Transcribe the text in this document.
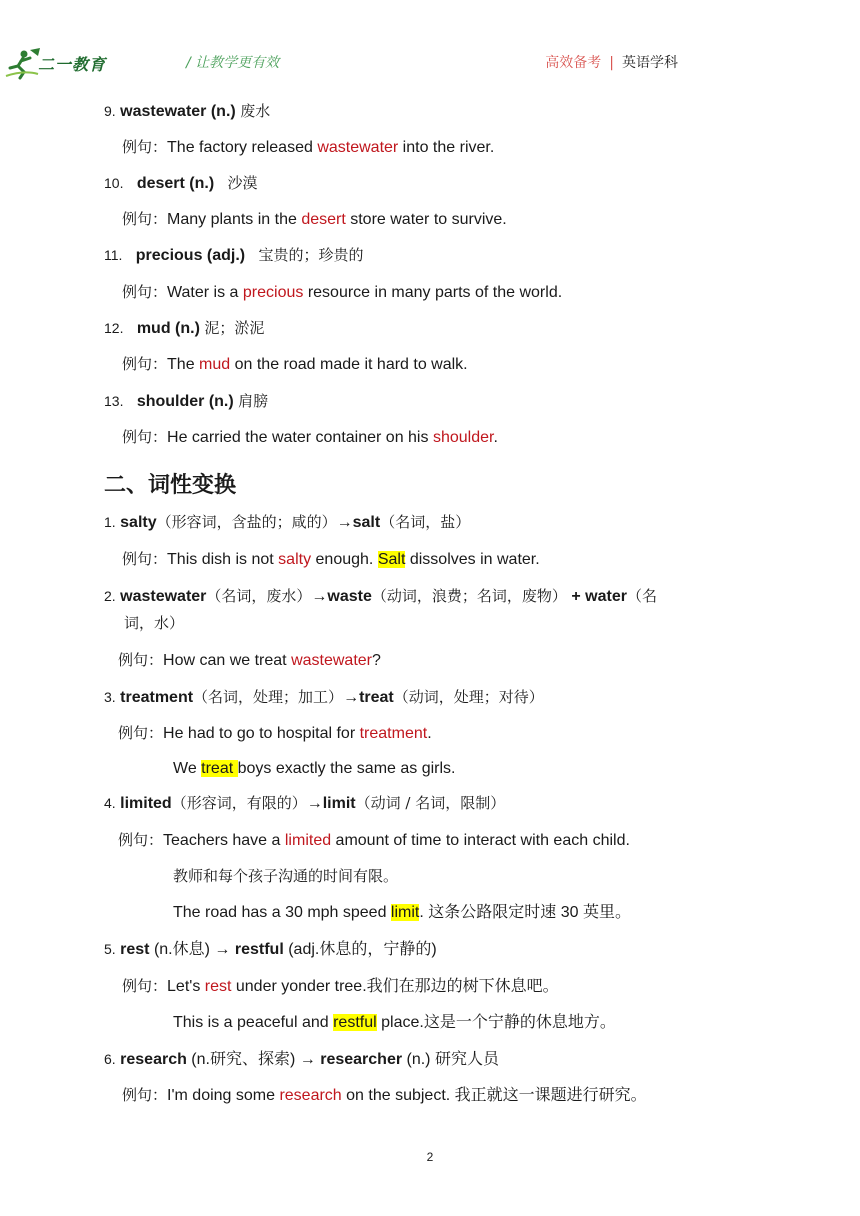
二一教育	/ 让教学更有效	高效备考 | 英语学科

9. wastewater (n.) 废水

例句：The factory released wastewater into the river.

10. desert (n.) 沙漠

例句：Many plants in the desert store water to survive.

11. precious (adj.) 宝贵的；珍贵的

例句：Water is a precious resource in many parts of the world.

12. mud (n.) 泥；淤泥

例句：The mud on the road made it hard to walk.

13. shoulder (n.) 肩膀

例句：He carried the water container on his shoulder.

二、词性变换

1. salty（形容词，含盐的；咸的）→salt（名词，盐）

例句：This dish is not salty enough. Salt dissolves in water.

2. wastewater（名词，废水）→waste（动词，浪费；名词，废物） + water（名

词，水）

例句：How can we treat wastewater?

3. treatment（名词，处理；加工）→treat（动词，处理；对待）

例句：He had to go to hospital for treatment.

We treat boys exactly the same as girls.

4. limited（形容词，有限的）→limit（动词 / 名词，限制）

例句：Teachers have a limited amount of time to interact with each child.

教师和每个孩子沟通的时间有限。

The road has a 30 mph speed limit. 这条公路限定时速 30 英里。

5. rest (n.休息) → restful (adj.休息的，宁静的)

例句：Let's rest under yonder tree.我们在那边的树下休息吧。

This is a peaceful and restful place.这是一个宁静的休息地方。

6. research (n.研究、探索) → researcher (n.) 研究人员

例句：I'm doing some research on the subject. 我正就这一课题进行研究。

2
